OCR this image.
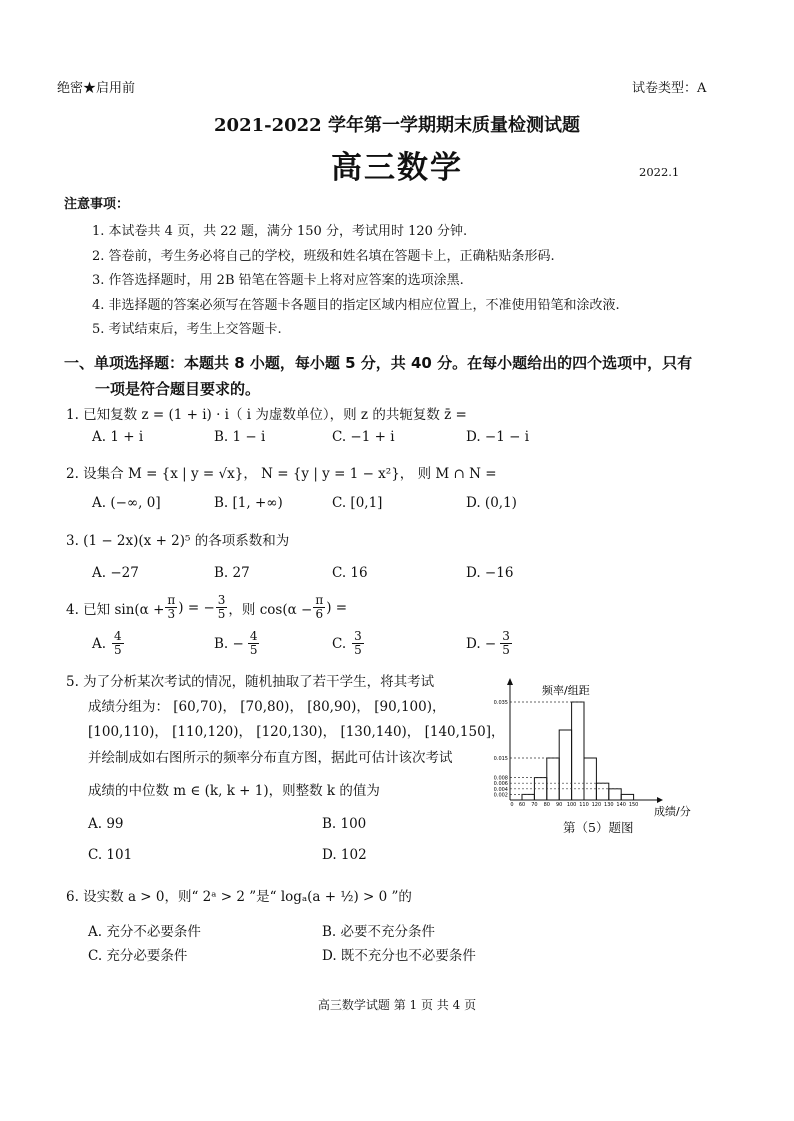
绝密★启用前	试卷类型：A
2021-2022 学年第一学期期末质量检测试题
高三数学	2022.1
注意事项：
1. 本试卷共 4 页，共 22 题，满分 150 分，考试用时 120 分钟.
2. 答卷前，考生务必将自己的学校，班级和姓名填在答题卡上，正确粘贴条形码.
3. 作答选择题时，用 2B 铅笔在答题卡上将对应答案的选项涂黑.
4. 非选择题的答案必须写在答题卡各题目的指定区域内相应位置上，不准使用铅笔和涂改液.
5. 考试结束后，考生上交答题卡.
一、单项选择题：本题共 8 小题，每小题 5 分，共 40 分。在每小题给出的四个选项中，只有
一项是符合题目要求的。
1. 已知复数 z = (1 + i) · i（ i 为虚数单位），则 z 的共轭复数 z̄ =
A. 1 + i	B. 1 − i	C. −1 + i	D. −1 − i
2. 设集合 M = {x | y = √x}， N = {y | y = 1 − x²}， 则 M ∩ N =
A. (−∞, 0]	B. [1, +∞)	C. [0,1]	D. (0,1)
3. (1 − 2x)(x + 2)⁵ 的各项系数和为
A. −27	B. 27	C. 16	D. −16
4. 已知 $\sin(\alpha + \frac{\pi}{3}$ ) = − $\frac{3}{5}$ ，则 $\cos(\alpha - \frac{\pi}{6}$ ) =
A. $\frac{4}{5}$	B. − $\frac{4}{5}$	C. $\frac{3}{5}$	D. − $\frac{3}{5}$
5. 为了分析某次考试的情况，随机抽取了若干学生，将其考试
成绩分组为： [60,70)， [70,80)， [80,90)， [90,100)，
[100,110)， [110,120)， [120,130)， [130,140)， [140,150]，
并绘制成如右图所示的频率分布直方图，据此可估计该次考试
成绩的中位数 m ∈ (k, k + 1)，则整数 k 的值为
A. 99	B. 100
C. 101	D. 102
0.002
0.004
0.006
0.008
0.015
0.035
0 60 70 80 90 100 110 120 130 140 150
频率/组距
成绩/分
第（5）题图
6. 设实数 a > 0，则“ 2ᵃ > 2 ”是“ logₐ(a + ½) > 0 ”的
A. 充分不必要条件	B. 必要不充分条件
C. 充分必要条件	D. 既不充分也不必要条件
高三数学试题 第 1 页 共 4 页
